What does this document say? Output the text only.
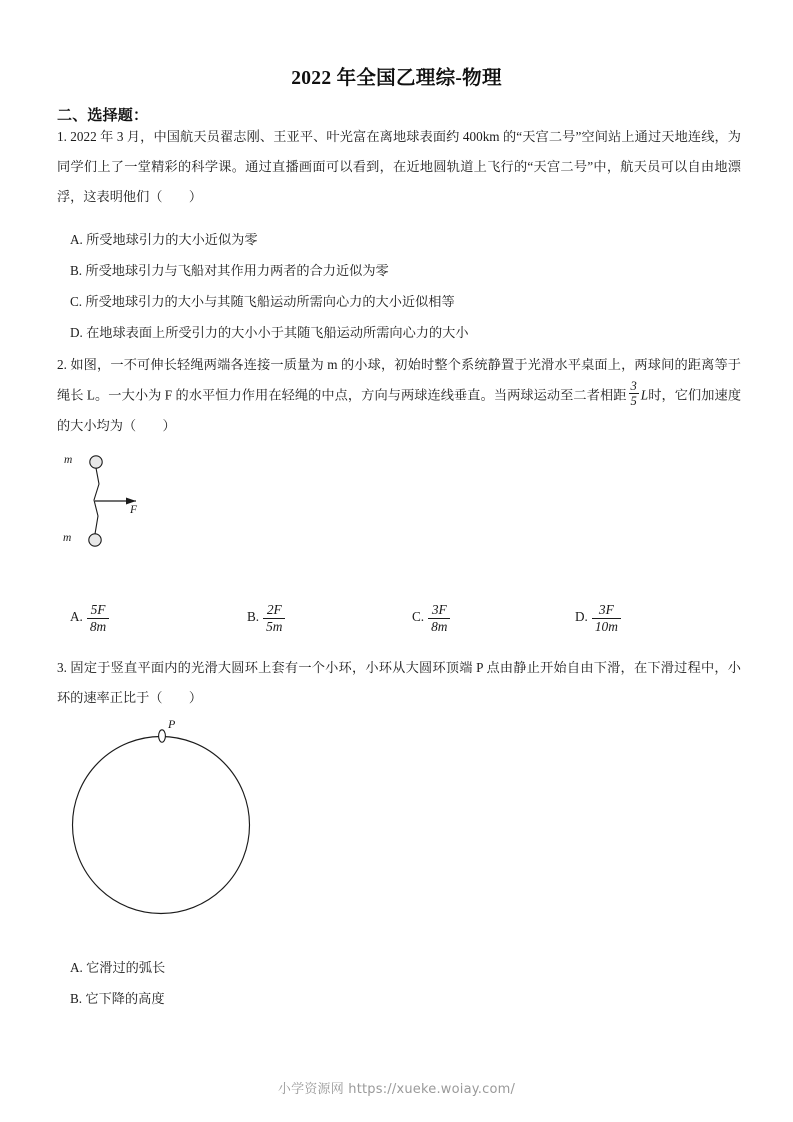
2022 年全国乙理综-物理
二、选择题：
1. 2022 年 3 月，中国航天员翟志刚、王亚平、叶光富在离地球表面约 400km 的“天宫二号”空间站上通过天地连线，为同学们上了一堂精彩的科学课。通过直播画面可以看到，在近地圆轨道上飞行的“天宫二号”中，航天员可以自由地漂浮，这表明他们（　　）
A. 所受地球引力的大小近似为零
B. 所受地球引力与飞船对其作用力两者的合力近似为零
C. 所受地球引力的大小与其随飞船运动所需向心力的大小近似相等
D. 在地球表面上所受引力的大小小于其随飞船运动所需向心力的大小
2. 如图，一不可伸长轻绳两端各连接一质量为 m 的小球，初始时整个系统静置于光滑水平桌面上，两球间的距离等于绳长 L。一大小为 F 的水平恒力作用在轻绳的中点，方向与两球连线垂直。当两球运动至二者相距 $\frac{3}{5}$ L时，它们加速度的大小均为（　　）
m
m
F
A. $\frac{5F}{8m}$	B. $\frac{2F}{5m}$	C. $\frac{3F}{8m}$	D. $\frac{3F}{10m}$
3. 固定于竖直平面内的光滑大圆环上套有一个小环，小环从大圆环顶端 P 点由静止开始自由下滑，在下滑过程中，小环的速率正比于（　　）
P
A. 它滑过的弧长
B. 它下降的高度
小学资源网 https://xueke.woiay.com/
